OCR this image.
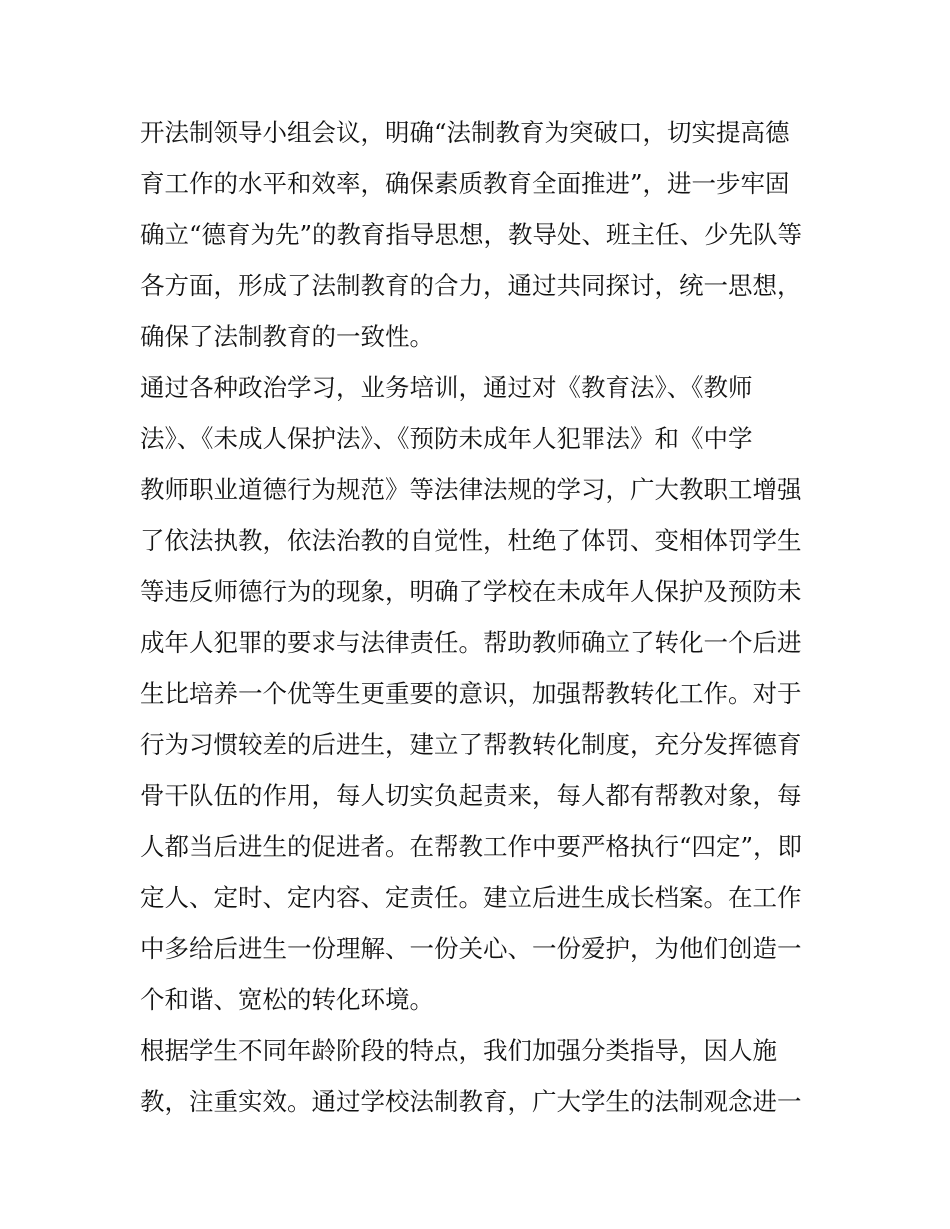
开法制领导小组会议，明确“法制教育为突破口，切实提高德
育工作的水平和效率，确保素质教育全面推进”，进一步牢固
确立“德育为先”的教育指导思想，教导处、班主任、少先队等
各方面，形成了法制教育的合力，通过共同探讨，统一思想，
确保了法制教育的一致性。
通过各种政治学习，业务培训，通过对《教育法》、《教师
法》、《未成人保护法》、《预防未成年人犯罪法》和《中学
教师职业道德行为规范》等法律法规的学习，广大教职工增强
了依法执教，依法治教的自觉性，杜绝了体罚、变相体罚学生
等违反师德行为的现象，明确了学校在未成年人保护及预防未
成年人犯罪的要求与法律责任。帮助教师确立了转化一个后进
生比培养一个优等生更重要的意识，加强帮教转化工作。对于
行为习惯较差的后进生，建立了帮教转化制度，充分发挥德育
骨干队伍的作用，每人切实负起责来，每人都有帮教对象，每
人都当后进生的促进者。在帮教工作中要严格执行“四定”，即
定人、定时、定内容、定责任。建立后进生成长档案。在工作
中多给后进生一份理解、一份关心、一份爱护，为他们创造一
个和谐、宽松的转化环境。
根据学生不同年龄阶段的特点，我们加强分类指导，因人施
教，注重实效。通过学校法制教育，广大学生的法制观念进一
